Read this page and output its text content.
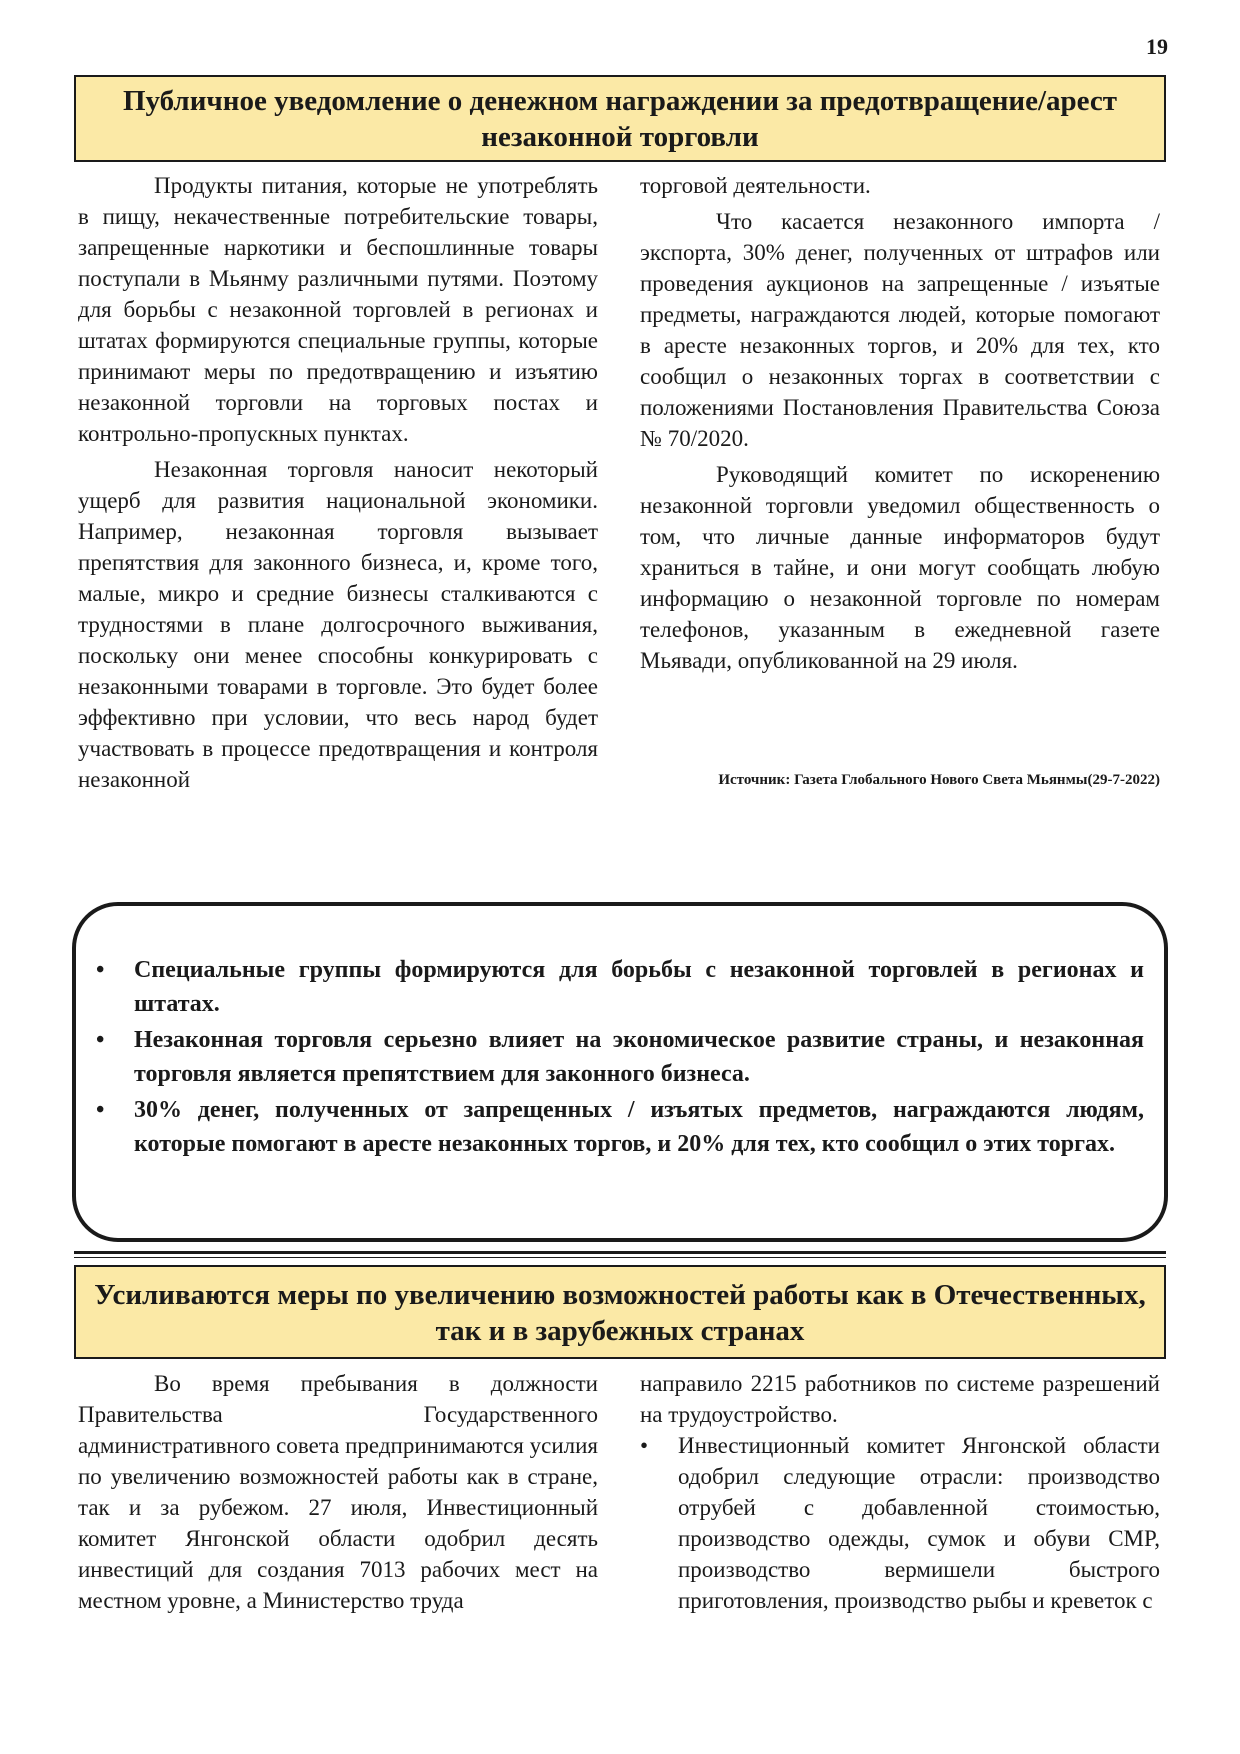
19
Публичное уведомление о денежном награждении за предотвращение/арест незаконной торговли

Продукты питания, которые не употреблять в пищу, некачественные потребительские товары, запрещенные наркотики и беспошлинные товары поступали в Мьянму различными путями. Поэтому для борьбы с незаконной торговлей в регионах и штатах формируются специальные группы, которые принимают меры по предотвращению и изъятию незаконной торговли на торговых постах и контрольно-пропускных пунктах.

Незаконная торговля наносит некоторый ущерб для развития национальной экономики. Например, незаконная торговля вызывает препятствия для законного бизнеса, и, кроме того, малые, микро и средние бизнесы сталкиваются с трудностями в плане долгосрочного выживания, поскольку они менее способны конкурировать с незаконными товарами в торговле. Это будет более эффективно при условии, что весь народ будет участвовать в процессе предотвращения и контроля незаконной

торговой деятельности.

Что касается незаконного импорта / экспорта, 30% денег, полученных от штрафов или проведения аукционов на запрещенные / изъятые предметы, награждаются людей, которые помогают в аресте незаконных торгов, и 20% для тех, кто сообщил о незаконных торгах в соответствии с положениями Постановления Правительства Союза № 70/2020.

Руководящий комитет по искоренению незаконной торговли уведомил общественность о том, что личные данные информаторов будут храниться в тайне, и они могут сообщать любую информацию о незаконной торговле по номерам телефонов, указанным в ежедневной газете Мьявади, опубликованной на 29 июля.

Источник: Газета Глобального Нового Света Мьянмы(29-7-2022)
• Специальные группы формируются для борьбы с незаконной торговлей в регионах и штатах.
• Незаконная торговля серьезно влияет на экономическое развитие страны, и незаконная торговля является препятствием для законного бизнеса.
• 30% денег, полученных от запрещенных / изъятых предметов, награждаются людям, которые помогают в аресте незаконных торгов, и 20% для тех, кто сообщил о этих торгах.
Усиливаются меры по увеличению возможностей работы как в Отечественных, так и в зарубежных странах

Во время пребывания в должности Правительства Государственного административного совета предпринимаются усилия по увеличению возможностей работы как в стране, так и за рубежом. 27 июля, Инвестиционный комитет Янгонской области одобрил десять инвестиций для создания 7013 рабочих мест на местном уровне, а Министерство труда

направило 2215 работников по системе разрешений на трудоустройство.

• Инвестиционный комитет Янгонской области одобрил следующие отрасли: производство отрубей с добавленной стоимостью, производство одежды, сумок и обуви CMP, производство вермишели быстрого приготовления, производство рыбы и креветок с
